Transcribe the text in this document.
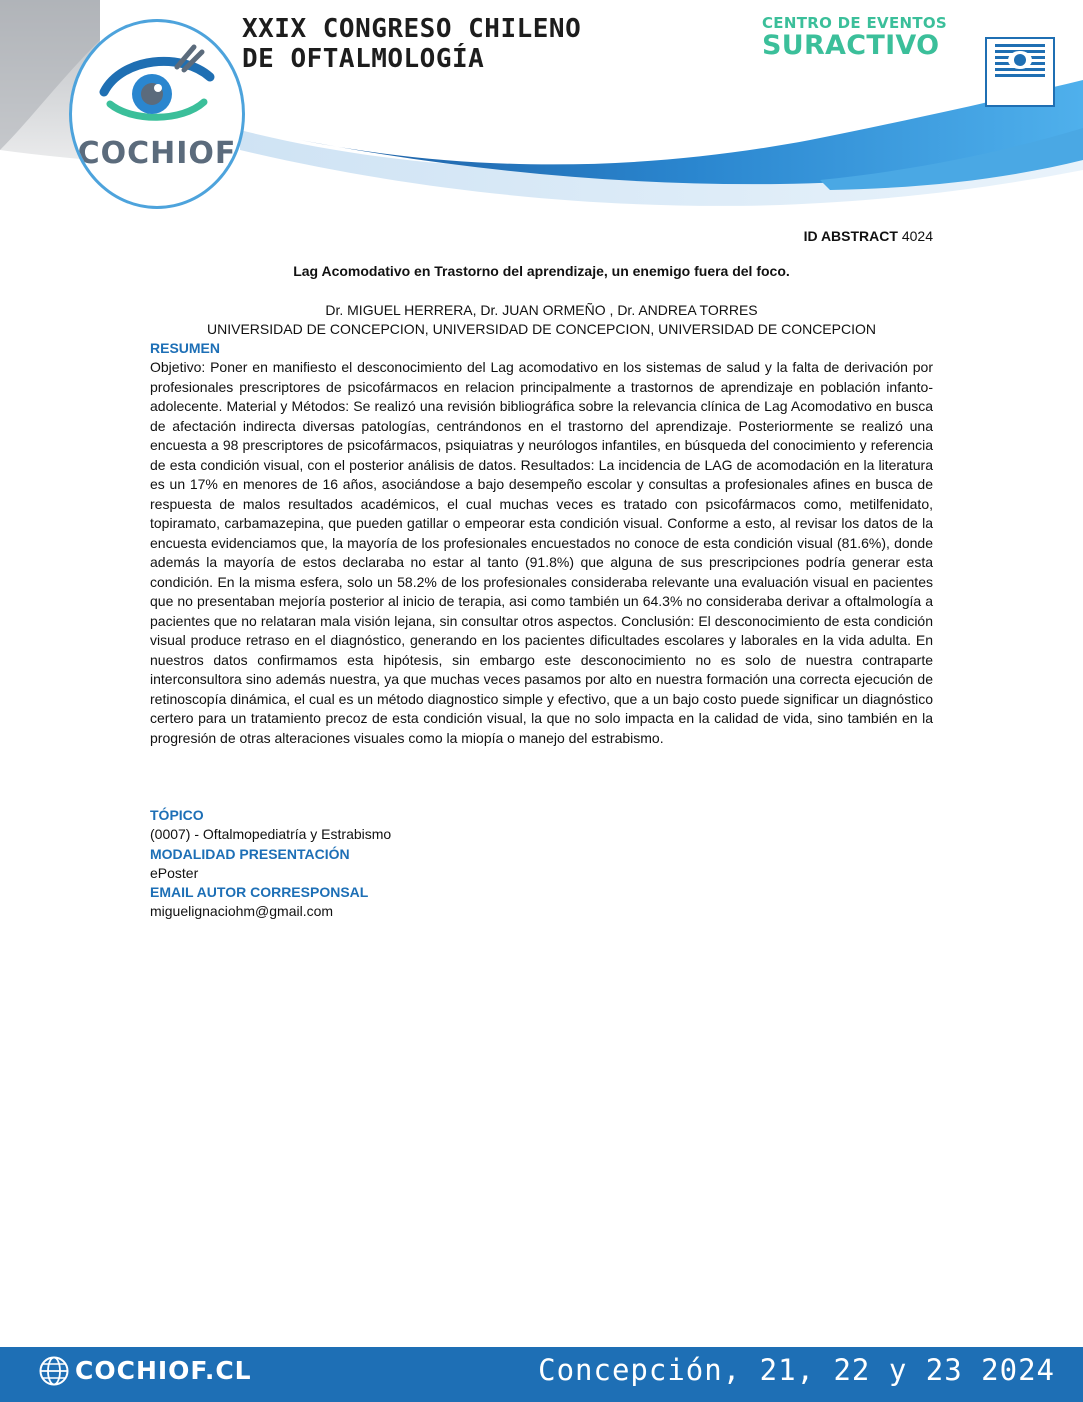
XXIX CONGRESO CHILENO
DE OFTALMOLOGÍA
CENTRO DE EVENTOS
SURACTIVO
COCHIOF
ID ABSTRACT 4024
Lag Acomodativo en Trastorno del aprendizaje, un enemigo fuera del foco.
Dr. MIGUEL HERRERA, Dr. JUAN ORMEÑO , Dr. ANDREA TORRES
UNIVERSIDAD DE CONCEPCION, UNIVERSIDAD DE CONCEPCION, UNIVERSIDAD DE CONCEPCION
RESUMEN
Objetivo: Poner en manifiesto el desconocimiento del Lag acomodativo en los sistemas de salud y la falta de derivación por profesionales prescriptores de psicofármacos en relacion principalmente a trastornos de aprendizaje en población infanto-adolecente. Material y Métodos: Se realizó una revisión bibliográfica sobre la relevancia clínica de Lag Acomodativo en busca de afectación indirecta diversas patologías, centrándonos en el trastorno del aprendizaje. Posteriormente se realizó una encuesta a 98 prescriptores de psicofármacos, psiquiatras y neurólogos infantiles, en búsqueda del conocimiento y referencia de esta condición visual, con el posterior análisis de datos. Resultados: La incidencia de LAG de acomodación en la literatura es un 17% en menores de 16 años, asociándose a bajo desempeño escolar y consultas a profesionales afines en busca de respuesta de malos resultados académicos, el cual muchas veces es tratado con psicofármacos como, metilfenidato, topiramato, carbamazepina, que pueden gatillar o empeorar esta condición visual. Conforme a esto, al revisar los datos de la encuesta evidenciamos que, la mayoría de los profesionales encuestados no conoce de esta condición visual (81.6%), donde además la mayoría de estos declaraba no estar al tanto (91.8%) que alguna de sus prescripciones podría generar esta condición. En la misma esfera, solo un 58.2% de los profesionales consideraba relevante una evaluación visual en pacientes que no presentaban mejoría posterior al inicio de terapia, asi como también un 64.3% no consideraba derivar a oftalmología a pacientes que no relataran mala visión lejana, sin consultar otros aspectos. Conclusión: El desconocimiento de esta condición visual produce retraso en el diagnóstico, generando en los pacientes dificultades escolares y laborales en la vida adulta. En nuestros datos confirmamos esta hipótesis, sin embargo este desconocimiento no es solo de nuestra contraparte interconsultora sino además nuestra, ya que muchas veces pasamos por alto en nuestra formación una correcta ejecución de retinoscopía dinámica, el cual es un método diagnostico simple y efectivo, que a un bajo costo puede significar un diagnóstico certero para un tratamiento precoz de esta condición visual, la que no solo impacta en la calidad de vida, sino también en la progresión de otras alteraciones visuales como la miopía o manejo del estrabismo.
TÓPICO
(0007) - Oftalmopediatría y Estrabismo
MODALIDAD PRESENTACIÓN
ePoster
EMAIL AUTOR CORRESPONSAL
miguelignaciohm@gmail.com
COCHIOF.CL	Concepción, 21, 22 y 23 2024
